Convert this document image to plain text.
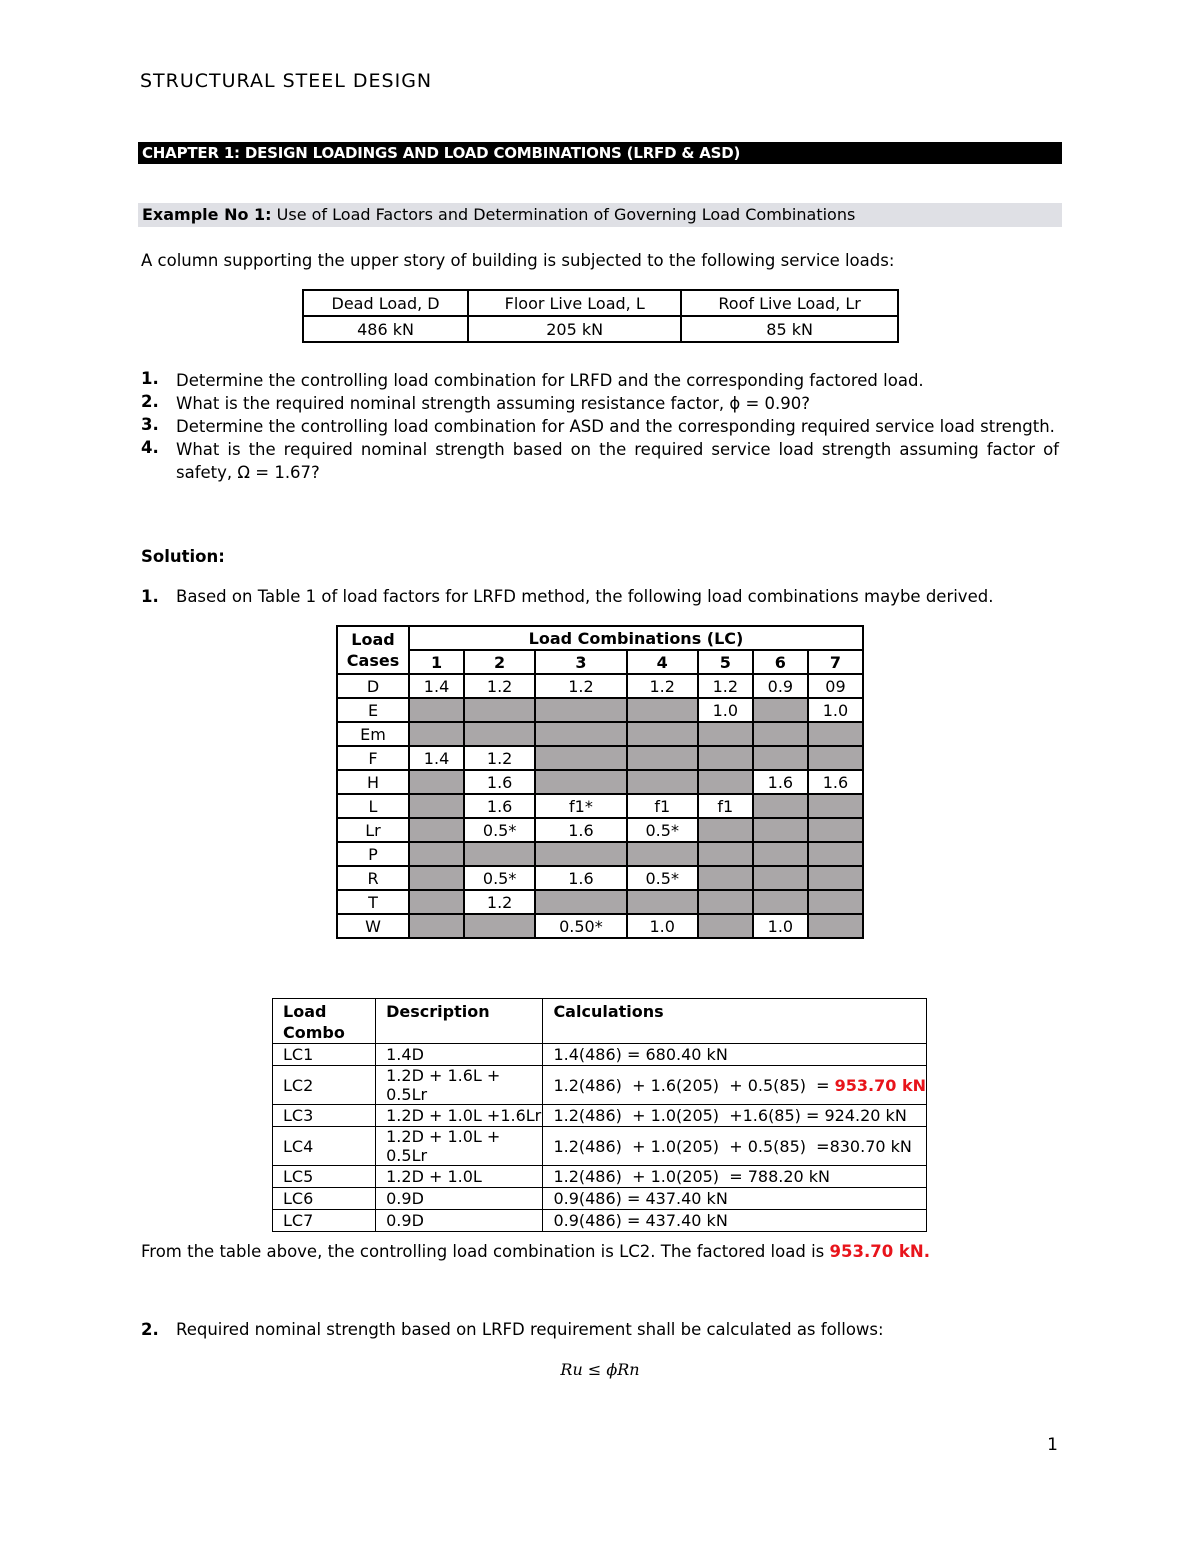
STRUCTURAL STEEL DESIGN
CHAPTER 1: DESIGN LOADINGS AND LOAD COMBINATIONS (LRFD & ASD)
Example No 1: Use of Load Factors and Determination of Governing Load Combinations
A column supporting the upper story of building is subjected to the following service loads:
Dead Load, D	Floor Live Load, L	Roof Live Load, Lr
486 kN	205 kN	85 kN
1.	Determine the controlling load combination for LRFD and the corresponding factored load.
2.	What is the required nominal strength assuming resistance factor, ϕ = 0.90?
3.	Determine the controlling load combination for ASD and the corresponding required service load strength.
4.	What is the required nominal strength based on the required service load strength assuming factor of safety, Ω = 1.67?
Solution:
1.	Based on Table 1 of load factors for LRFD method, the following load combinations maybe derived.
Load Cases	Load Combinations (LC)						
	1	2	3	4	5	6	7
D	1.4	1.2	1.2	1.2	1.2	0.9	09
E					1.0		1.0
Em							
F	1.4	1.2					
H		1.6				1.6	1.6
L		1.6	f1*	f1	f1		
Lr		0.5*	1.6	0.5*			
P							
R		0.5*	1.6	0.5*			
T		1.2					
W			0.50*	1.0		1.0	
Load Combo	Description	Calculations
LC1	1.4D	1.4(486) = 680.40 kN
LC2	1.2D + 1.6L + 0.5Lr	1.2(486)  + 1.6(205)  + 0.5(85)  = 953.70 kN
LC3	1.2D + 1.0L +1.6Lr	1.2(486)  + 1.0(205)  +1.6(85) = 924.20 kN
LC4	1.2D + 1.0L + 0.5Lr	1.2(486)  + 1.0(205)  + 0.5(85)  =830.70 kN
LC5	1.2D + 1.0L	1.2(486)  + 1.0(205)  = 788.20 kN
LC6	0.9D	0.9(486) = 437.40 kN
LC7	0.9D	0.9(486) = 437.40 kN
From the table above, the controlling load combination is LC2. The factored load is 953.70 kN.
2.	Required nominal strength based on LRFD requirement shall be calculated as follows:
Ru ≤ ϕRn
1
